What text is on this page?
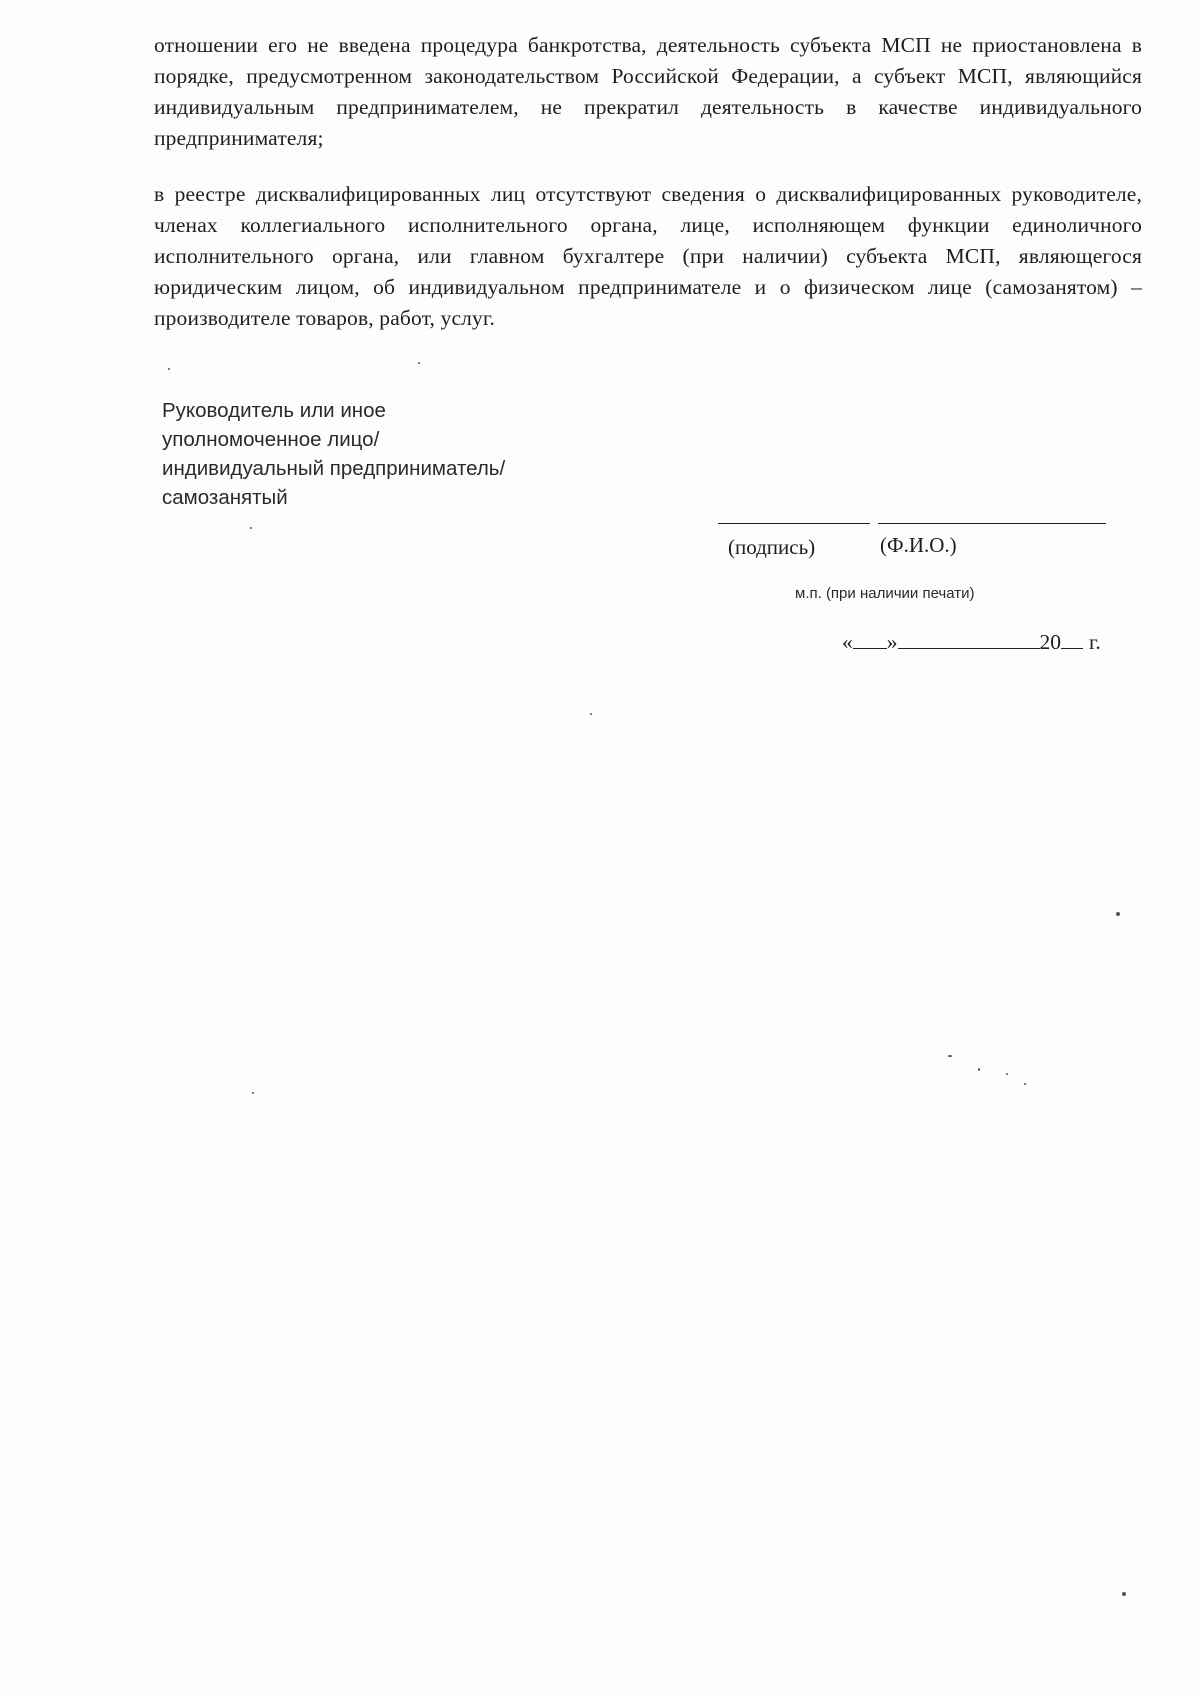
отношении его не введена процедура банкротства, деятельность субъекта МСП не приостановлена в порядке, предусмотренном законодательством Российской Федерации, а субъект МСП, являющийся индивидуальным предпринимателем, не прекратил деятельность в качестве индивидуального предпринимателя;

в реестре дисквалифицированных лиц отсутствуют сведения о дисквалифицированных руководителе, членах коллегиального исполнительного органа, лице, исполняющем функции единоличного исполнительного органа, или главном бухгалтере (при наличии) субъекта МСП, являющегося юридическим лицом, об индивидуальном предпринимателе и о физическом лице (самозанятом) – производителе товаров, работ, услуг.

Руководитель или иное
уполномоченное лицо/
индивидуальный предприниматель/
самозанятый
(подпись)	(Ф.И.О.)
м.п. (при наличии печати)
« »	20 г.
